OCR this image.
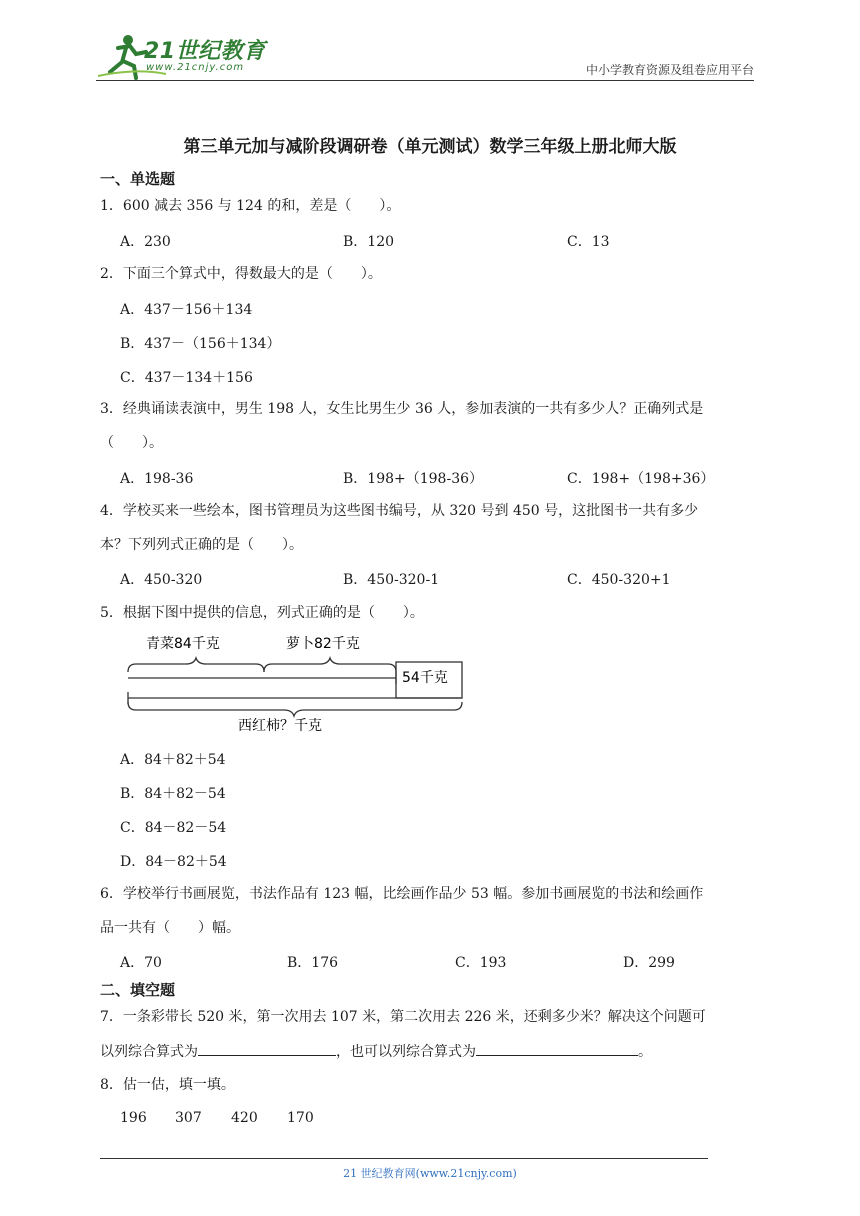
21世纪教育
www.21cnjy.com	中小学教育资源及组卷应用平台
第三单元加与减阶段调研卷（单元测试）数学三年级上册北师大版
一、单选题
1．600 减去 356 与 124 的和，差是（　　）。
A．230	B．120	C．13
2．下面三个算式中，得数最大的是（　　）。
A．437－156＋134
B．437－（156＋134）
C．437－134＋156
3．经典诵读表演中，男生 198 人，女生比男生少 36 人，参加表演的一共有多少人？正确列式是
（　　）。
A．198-36	B．198+（198-36）	C．198+（198+36）
4．学校买来一些绘本，图书管理员为这些图书编号，从 320 号到 450 号，这批图书一共有多少
本？下列列式正确的是（　　）。
A．450-320	B．450-320-1	C．450-320+1
5．根据下图中提供的信息，列式正确的是（　　）。
青菜84千克	萝卜82千克
54千克
西红柿？千克
A．84＋82＋54
B．84＋82－54
C．84－82－54
D．84－82＋54
6．学校举行书画展览，书法作品有 123 幅，比绘画作品少 53 幅。参加书画展览的书法和绘画作
品一共有（　　）幅。
A．70	B．176	C．193	D．299
二、填空题
7．一条彩带长 520 米，第一次用去 107 米，第二次用去 226 米，还剩多少米？解决这个问题可
以列综合算式为	，也可以列综合算式为	。
8．估一估，填一填。
196 307 420 170
21 世纪教育网(www.21cnjy.com)
